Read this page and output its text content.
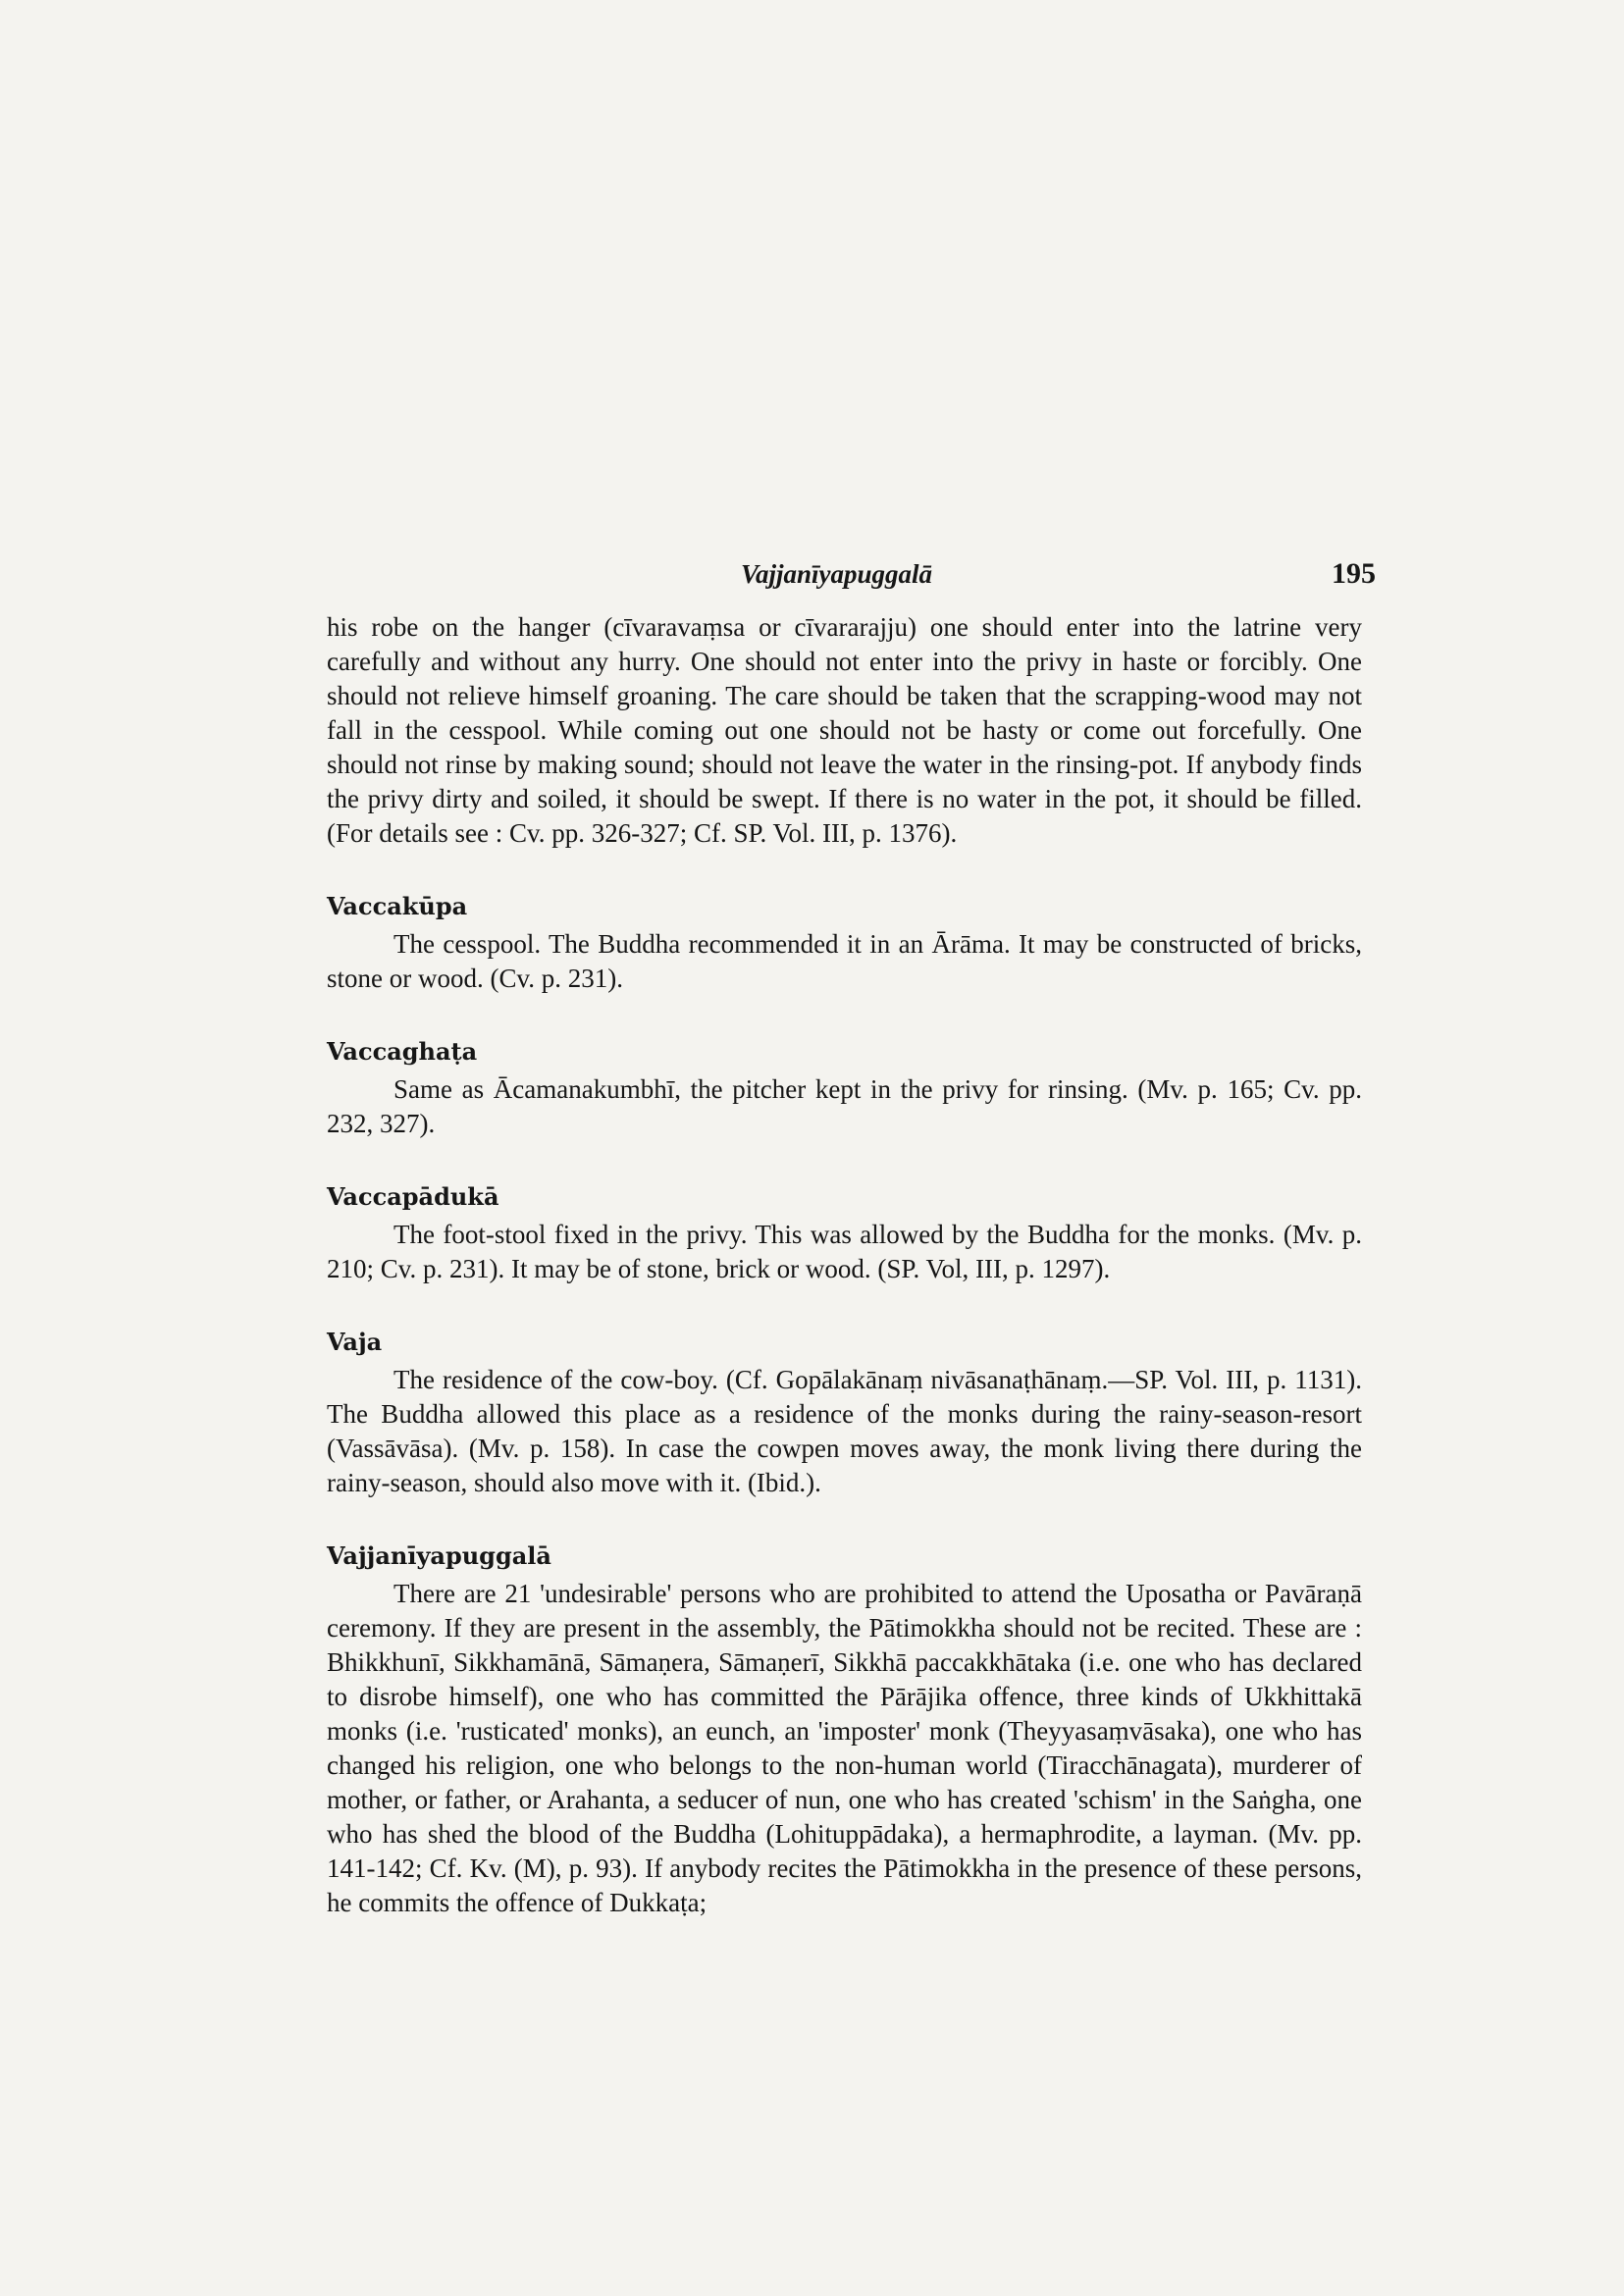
Vajjanīyapuggalā	195

his robe on the hanger (cīvaravaṃsa or cīvararajju) one should enter into the latrine very carefully and without any hurry. One should not enter into the privy in haste or forcibly. One should not relieve himself groaning. The care should be taken that the scrapping-wood may not fall in the cesspool. While coming out one should not be hasty or come out forcefully. One should not rinse by making sound; should not leave the water in the rinsing-pot. If anybody finds the privy dirty and soiled, it should be swept. If there is no water in the pot, it should be filled. (For details see : Cv. pp. 326-327; Cf. SP. Vol. III, p. 1376).

Vaccakūpa

The cesspool. The Buddha recommended it in an Ārāma. It may be constructed of bricks, stone or wood. (Cv. p. 231).

Vaccaghaṭa

Same as Ācamanakumbhī, the pitcher kept in the privy for rinsing. (Mv. p. 165; Cv. pp. 232, 327).

Vaccapādukā

The foot-stool fixed in the privy. This was allowed by the Buddha for the monks. (Mv. p. 210; Cv. p. 231). It may be of stone, brick or wood. (SP. Vol, III, p. 1297).

Vaja

The residence of the cow-boy. (Cf. Gopālakānaṃ nivāsanaṭhānaṃ.—SP. Vol. III, p. 1131). The Buddha allowed this place as a residence of the monks during the rainy-season-resort (Vassāvāsa). (Mv. p. 158). In case the cowpen moves away, the monk living there during the rainy-season, should also move with it. (Ibid.).

Vajjanīyapuggalā

There are 21 'undesirable' persons who are prohibited to attend the Uposatha or Pavāraṇā ceremony. If they are present in the assembly, the Pātimokkha should not be recited. These are : Bhikkhunī, Sikkhamānā, Sāmaṇera, Sāmaṇerī, Sikkhā paccakkhātaka (i.e. one who has declared to disrobe himself), one who has committed the Pārājika offence, three kinds of Ukkhittakā monks (i.e. 'rusticated' monks), an eunch, an 'imposter' monk (Theyyasaṃvāsaka), one who has changed his religion, one who belongs to the non-human world (Tiracchānagata), murderer of mother, or father, or Arahanta, a seducer of nun, one who has created 'schism' in the Saṅgha, one who has shed the blood of the Buddha (Lohituppādaka), a hermaphrodite, a layman. (Mv. pp. 141-142; Cf. Kv. (M), p. 93). If anybody recites the Pātimokkha in the presence of these persons, he commits the offence of Dukkaṭa;
